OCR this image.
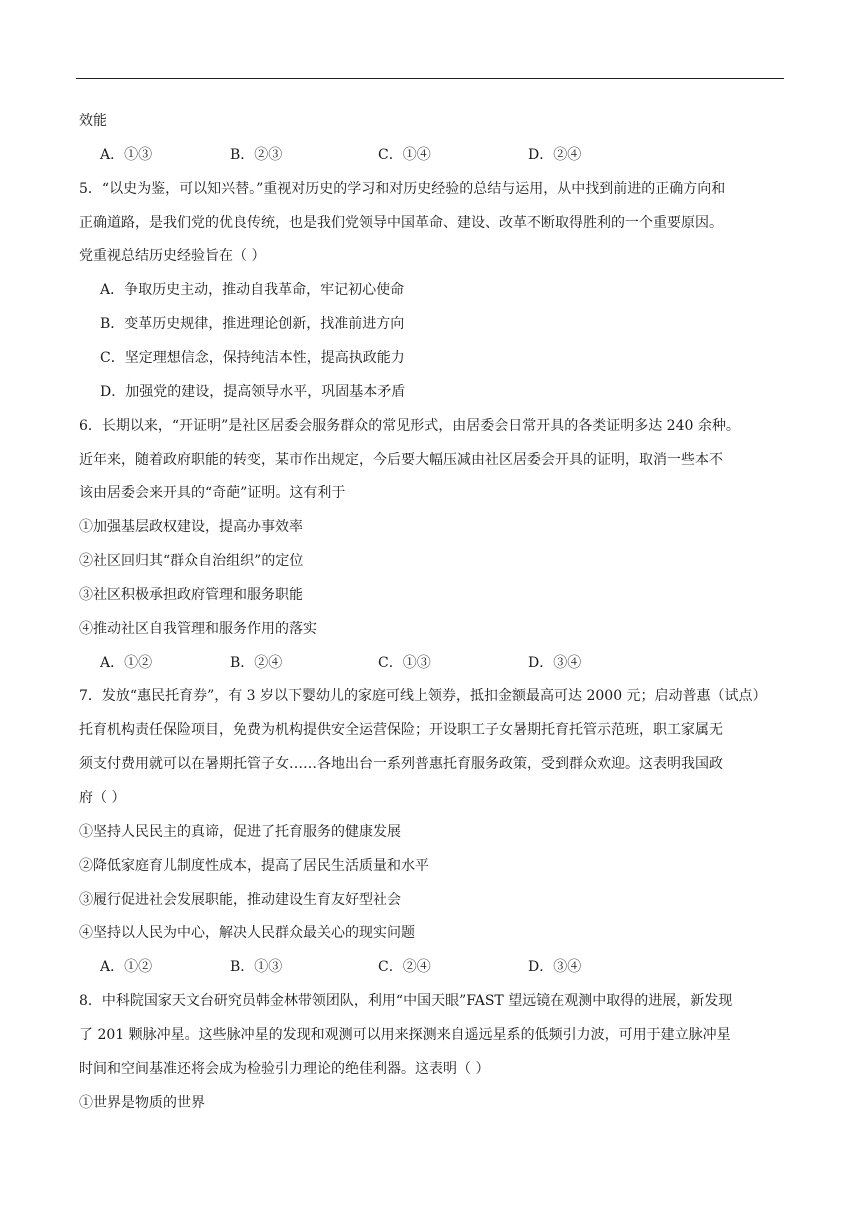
效能
A．①③	B．②③	C．①④	D．②④
5．“以史为鉴，可以知兴替。”重视对历史的学习和对历史经验的总结与运用，从中找到前进的正确方向和
正确道路，是我们党的优良传统，也是我们党领导中国革命、建设、改革不断取得胜利的一个重要原因。
党重视总结历史经验旨在（ ）
A．争取历史主动，推动自我革命，牢记初心使命
B．变革历史规律，推进理论创新，找准前进方向
C．坚定理想信念，保持纯洁本性，提高执政能力
D．加强党的建设，提高领导水平，巩固基本矛盾
6．长期以来，“开证明”是社区居委会服务群众的常见形式，由居委会日常开具的各类证明多达 240 余种。
近年来，随着政府职能的转变，某市作出规定，今后要大幅压减由社区居委会开具的证明，取消一些本不
该由居委会来开具的“奇葩”证明。这有利于
①加强基层政权建设，提高办事效率
②社区回归其“群众自治组织”的定位
③社区积极承担政府管理和服务职能
④推动社区自我管理和服务作用的落实
A．①②	B．②④	C．①③	D．③④
7．发放“惠民托育券”，有 3 岁以下婴幼儿的家庭可线上领券，抵扣金额最高可达 2000 元；启动普惠（试点）
托育机构责任保险项目，免费为机构提供安全运营保险；开设职工子女暑期托育托管示范班，职工家属无
须支付费用就可以在暑期托管子女……各地出台一系列普惠托育服务政策，受到群众欢迎。这表明我国政
府（ ）
①坚持人民民主的真谛，促进了托育服务的健康发展
②降低家庭育儿制度性成本，提高了居民生活质量和水平
③履行促进社会发展职能，推动建设生育友好型社会
④坚持以人民为中心，解决人民群众最关心的现实问题
A．①②	B．①③	C．②④	D．③④
8．中科院国家天文台研究员韩金林带领团队，利用“中国天眼”FAST 望远镜在观测中取得的进展，新发现
了 201 颗脉冲星。这些脉冲星的发现和观测可以用来探测来自遥远星系的低频引力波，可用于建立脉冲星
时间和空间基准还将会成为检验引力理论的绝佳利器。这表明（ ）
①世界是物质的世界
